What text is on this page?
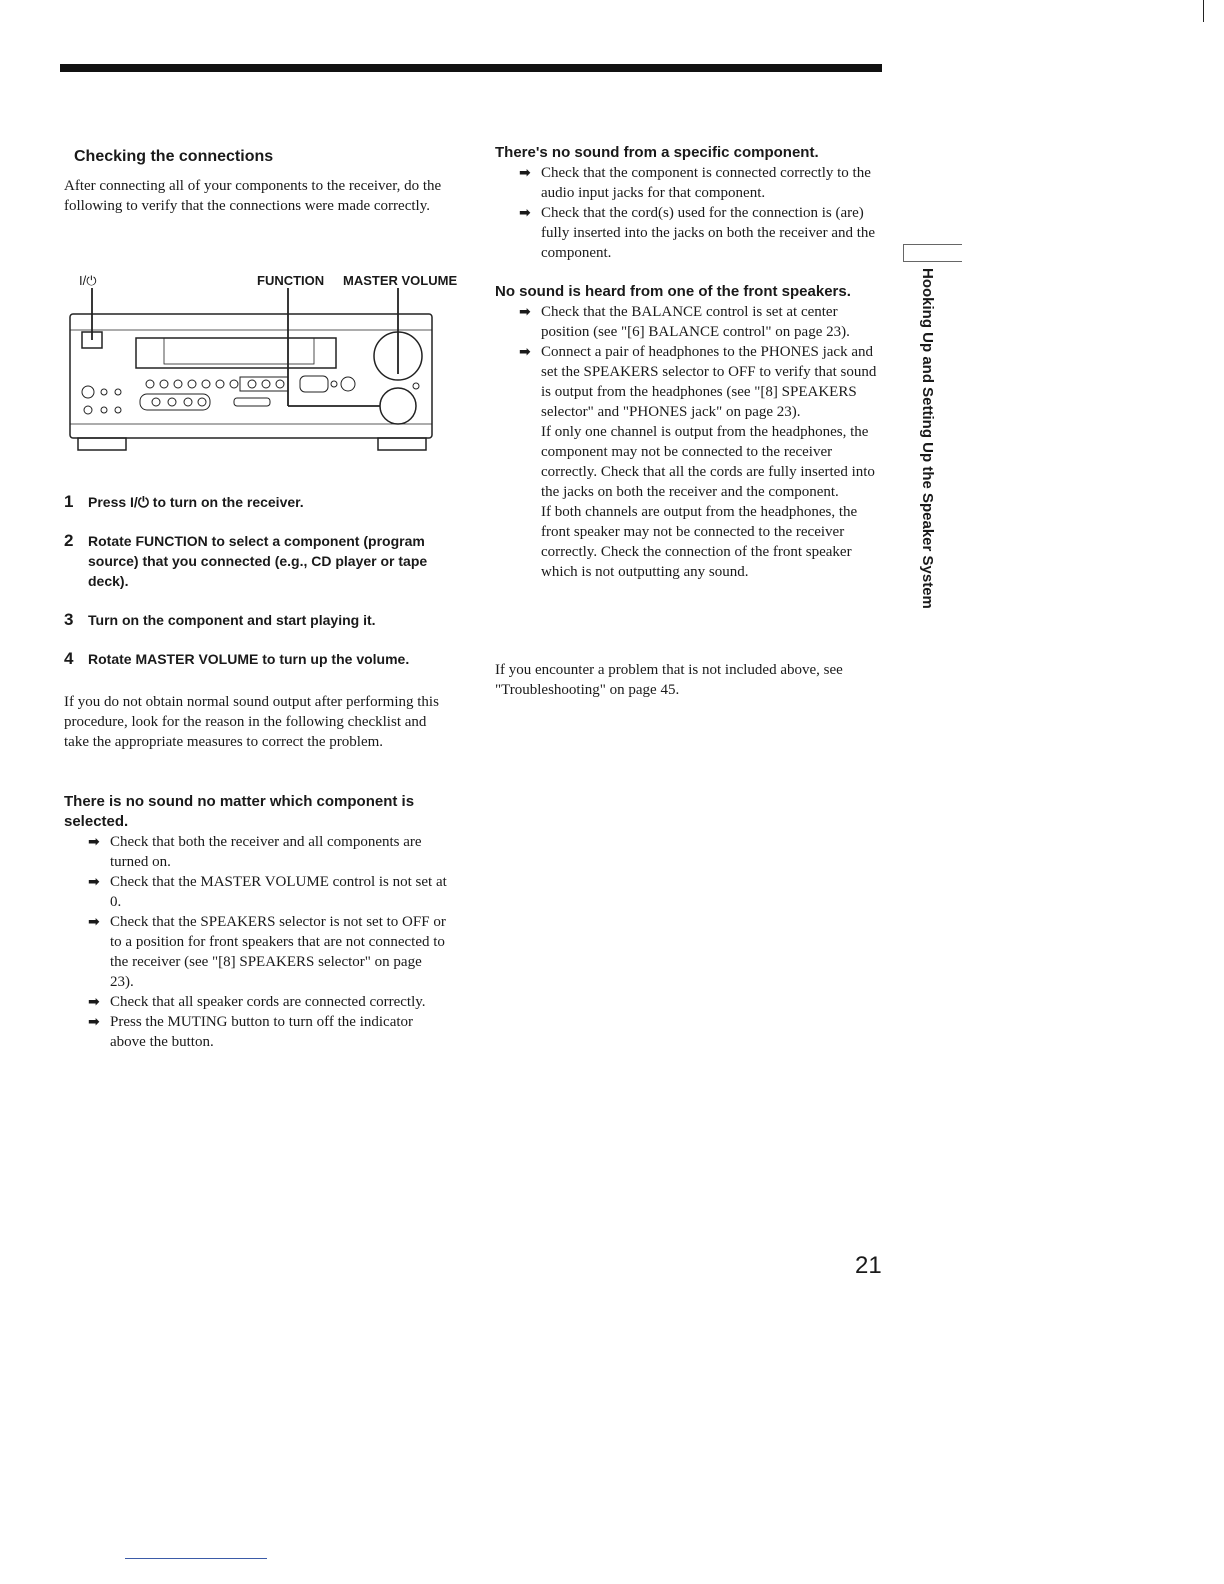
Checking the connections
After connecting all of your components to the receiver, do the following to verify that the connections were made correctly.
I/⏻	FUNCTION MASTER VOLUME
1	Press I/⏻ to turn on the receiver.
2	Rotate FUNCTION to select a component (program source) that you connected (e.g., CD player or tape deck).
3	Turn on the component and start playing it.
4	Rotate MASTER VOLUME to turn up the volume.
If you do not obtain normal sound output after performing this procedure, look for the reason in the following checklist and take the appropriate measures to correct the problem.
There is no sound no matter which component is selected.
➡ Check that both the receiver and all components are turned on.
➡ Check that the MASTER VOLUME control is not set at 0.
➡ Check that the SPEAKERS selector is not set to OFF or to a position for front speakers that are not connected to the receiver (see "[8] SPEAKERS selector" on page 23).
➡ Check that all speaker cords are connected correctly.
➡ Press the MUTING button to turn off the indicator above the button.
There's no sound from a specific component.
➡ Check that the component is connected correctly to the audio input jacks for that component.
➡ Check that the cord(s) used for the connection is (are) fully inserted into the jacks on both the receiver and the component.
No sound is heard from one of the front speakers.
➡ Check that the BALANCE control is set at center position (see "[6] BALANCE control" on page 23).
➡ Connect a pair of headphones to the PHONES jack and set the SPEAKERS selector to OFF to verify that sound is output from the headphones (see "[8] SPEAKERS selector" and "PHONES jack" on page 23).
If only one channel is output from the headphones, the component may not be connected to the receiver correctly. Check that all the cords are fully inserted into the jacks on both the receiver and the component.
If both channels are output from the headphones, the front speaker may not be connected to the receiver correctly. Check the connection of the front speaker which is not outputting any sound.
If you encounter a problem that is not included above, see "Troubleshooting" on page 45.
Hooking Up and Setting Up the Speaker System
21
